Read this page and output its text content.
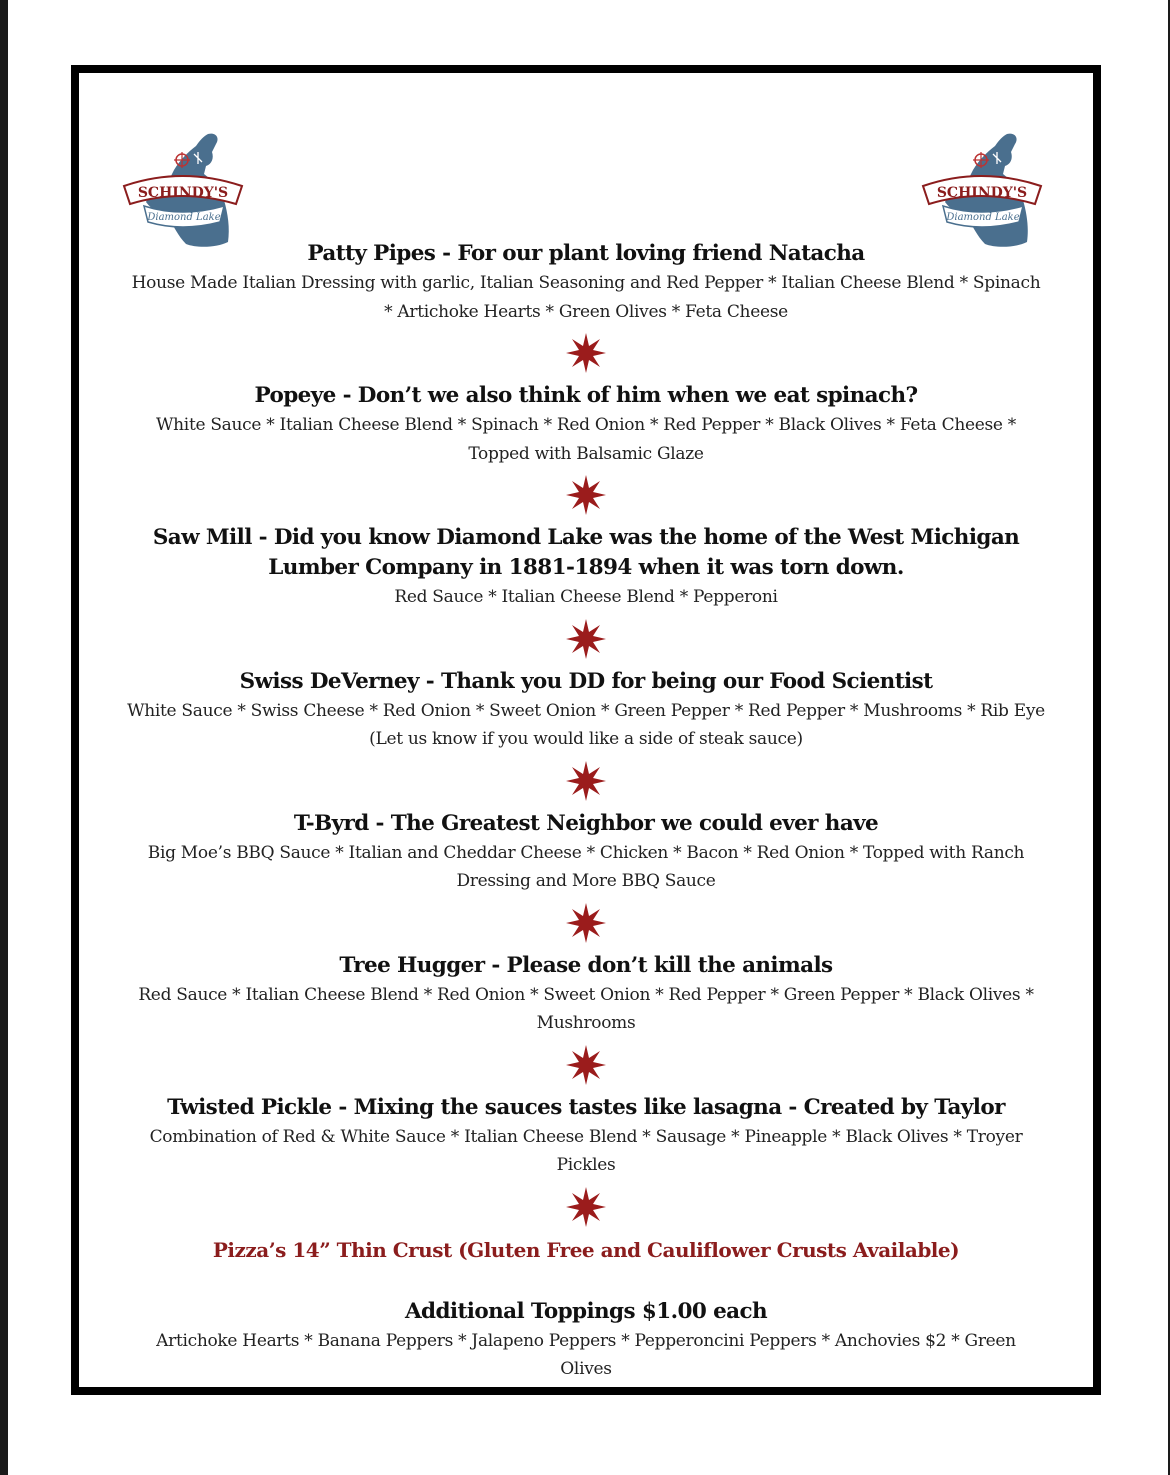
SCHINDY'S
Diamond Lake
SCHINDY'S
Diamond Lake

Patty Pipes - For our plant loving friend Natacha

House Made Italian Dressing with garlic, Italian Seasoning and Red Pepper * Italian Cheese Blend * Spinach

* Artichoke Hearts * Green Olives * Feta Cheese

Popeye - Don’t we also think of him when we eat spinach?

White Sauce * Italian Cheese Blend * Spinach * Red Onion * Red Pepper * Black Olives * Feta Cheese *

Topped with Balsamic Glaze

Saw Mill - Did you know Diamond Lake was the home of the West Michigan Lumber Company in 1881-1894 when it was torn down.

Red Sauce * Italian Cheese Blend * Pepperoni

Swiss DeVerney - Thank you DD for being our Food Scientist

White Sauce * Swiss Cheese * Red Onion * Sweet Onion * Green Pepper * Red Pepper * Mushrooms * Rib Eye

(Let us know if you would like a side of steak sauce)

T-Byrd - The Greatest Neighbor we could ever have

Big Moe’s BBQ Sauce * Italian and Cheddar Cheese * Chicken * Bacon * Red Onion * Topped with Ranch

Dressing and More BBQ Sauce

Tree Hugger - Please don’t kill the animals

Red Sauce * Italian Cheese Blend * Red Onion * Sweet Onion * Red Pepper * Green Pepper * Black Olives *

Mushrooms

Twisted Pickle - Mixing the sauces tastes like lasagna - Created by Taylor

Combination of Red & White Sauce * Italian Cheese Blend * Sausage * Pineapple * Black Olives * Troyer

Pickles

Pizza’s 14” Thin Crust (Gluten Free and Cauliflower Crusts Available)

Additional Toppings $1.00 each

Artichoke Hearts * Banana Peppers * Jalapeno Peppers * Pepperoncini Peppers * Anchovies $2 * Green

Olives
